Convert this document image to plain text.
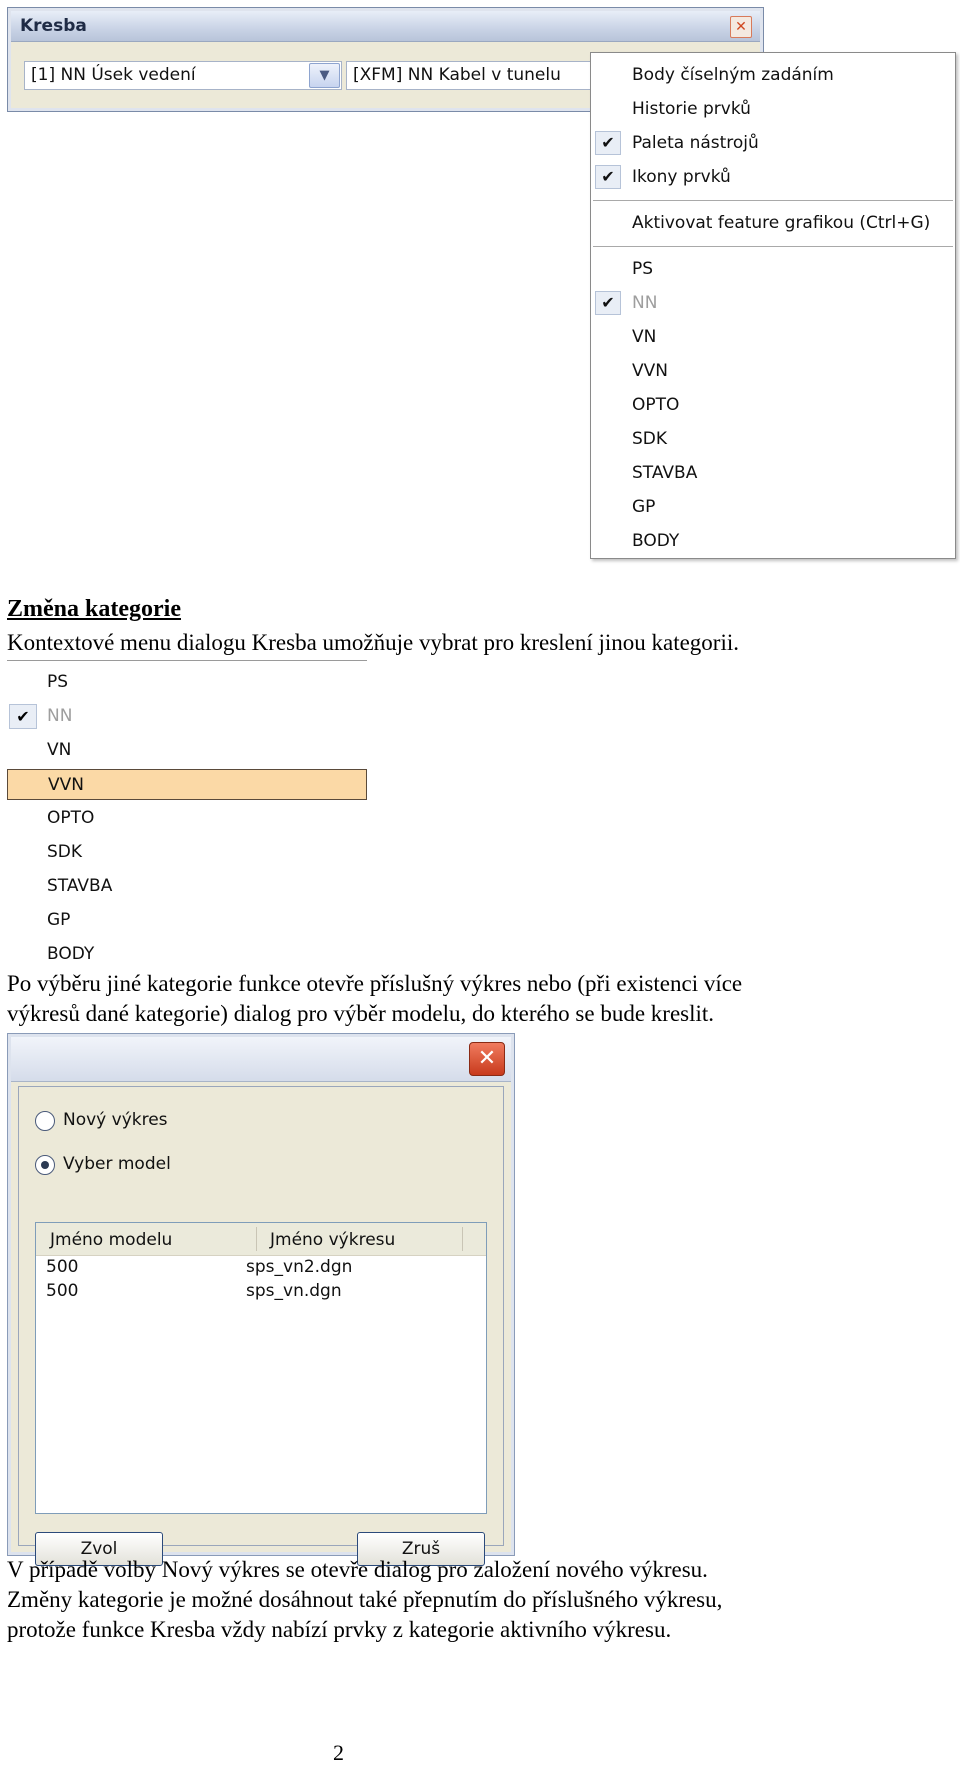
Kresba	✕
[1] NN Úsek vedení	▼	[XFM] NN Kabel v tunelu	Body číselným zadáním
Historie prvků
✔	Paleta nástrojů
✔	Ikony prvků
Aktivovat feature grafikou (Ctrl+G)
PS
✔	NN
VN
VVN
OPTO
SDK
STAVBA
GP
BODY
Změna kategorie
Kontextové menu dialogu Kresba umožňuje vybrat pro kreslení jinou kategorii.
PS
✔	NN
VN
VVN
OPTO
SDK
STAVBA
GP
BODY
Po výběru jiné kategorie funkce otevře příslušný výkres nebo (při existenci více
výkresů dané kategorie) dialog pro výběr modelu, do kterého se bude kreslit.
✕
Nový výkres
Vyber model
Jméno modelu	Jméno výkresu
500	sps_vn2.dgn
500	sps_vn.dgn
Zvol	Zruš
V případě volby Nový výkres se otevře dialog pro založení nového výkresu.
Změny kategorie je možné dosáhnout také přepnutím do příslušného výkresu,
protože funkce Kresba vždy nabízí prvky z kategorie aktivního výkresu.
2
